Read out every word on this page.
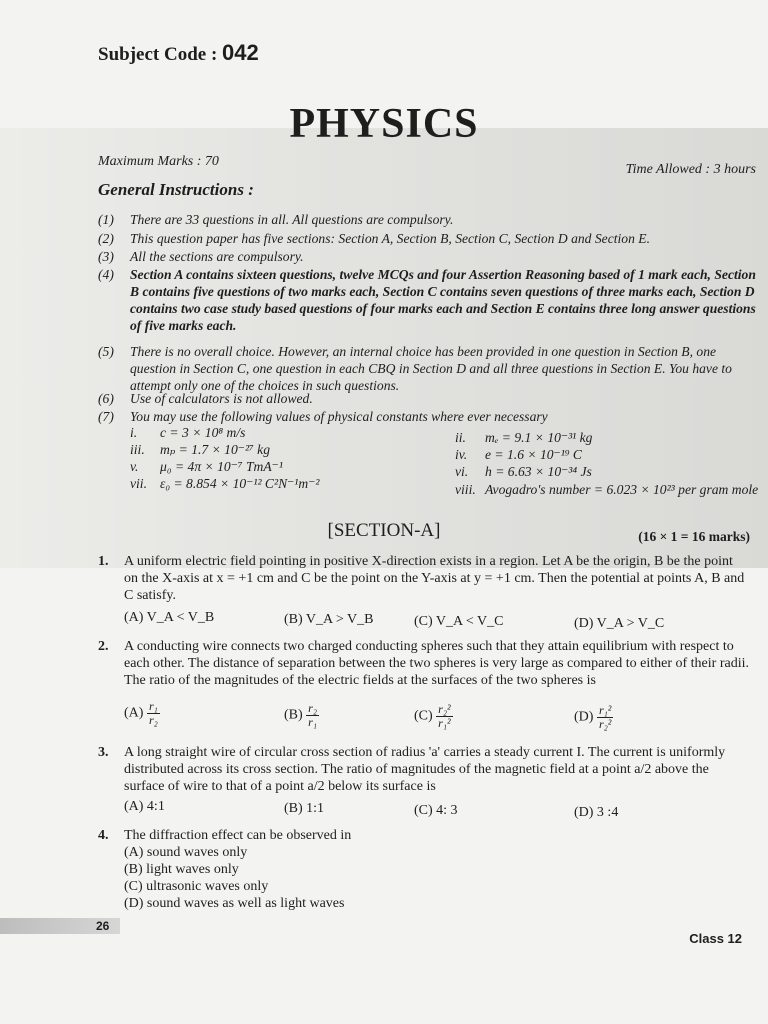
Subject Code : 042
PHYSICS
Maximum Marks : 70
Time Allowed : 3 hours
General Instructions :
(1) There are 33 questions in all. All questions are compulsory.
(2) This question paper has five sections: Section A, Section B, Section C, Section D and Section E.
(3) All the sections are compulsory.
(4) Section A contains sixteen questions, twelve MCQs and four Assertion Reasoning based of 1 mark each, Section B contains five questions of two marks each, Section C contains seven questions of three marks each, Section D contains two case study based questions of four marks each and Section E contains three long answer questions of five marks each.
(5) There is no overall choice. However, an internal choice has been provided in one question in Section B, one question in Section C, one question in each CBQ in Section D and all three questions in Section E. You have to attempt only one of the choices in such questions.
(6) Use of calculators is not allowed.
(7) You may use the following values of physical constants where ever necessary
i. c = 3 × 10⁸ m/s	ii. mₑ = 9.1 × 10⁻³¹ kg
iii. mₚ = 1.7 × 10⁻²⁷ kg	iv. e = 1.6 × 10⁻¹⁹ C
v. μ₀ = 4π × 10⁻⁷ TmA⁻¹	vi. h = 6.63 × 10⁻³⁴ Js
vii. ε₀ = 8.854 × 10⁻¹² C²N⁻¹m⁻²	viii. Avogadro's number = 6.023 × 10²³ per gram mole
[SECTION-A]	(16 × 1 = 16 marks)
1. A uniform electric field pointing in positive X-direction exists in a region. Let A be the origin, B be the point on the X-axis at x = +1 cm and C be the point on the Y-axis at y = +1 cm. Then the potential at points A, B and C satisfy.
(A) V_A < V_B	(B) V_A > V_B	(C) V_A < V_C	(D) V_A > V_C
2. A conducting wire connects two charged conducting spheres such that they attain equilibrium with respect to each other. The distance of separation between the two spheres is very large as compared to either of their radii. The ratio of the magnitudes of the electric fields at the surfaces of the two spheres is
$(A) \frac{\text{r₁}}{\text{r₂}}$	$(B) \frac{\text{r₂}}{\text{r₁}}$	$(C) \frac{\text{r₂²}}{\text{r₁²}}$	$(D) \frac{\text{r₁²}}{\text{r₂²}}$
3. A long straight wire of circular cross section of radius 'a' carries a steady current I. The current is uniformly distributed across its cross section. The ratio of magnitudes of the magnetic field at a point a/2 above the surface of wire to that of a point a/2 below its surface is
(A) 4:1	(B) 1:1	(C) 4: 3	(D) 3 :4
4. The diffraction effect can be observed in
(A) sound waves only
(B) light waves only
(C) ultrasonic waves only
(D) sound waves as well as light waves
26
Class 12
